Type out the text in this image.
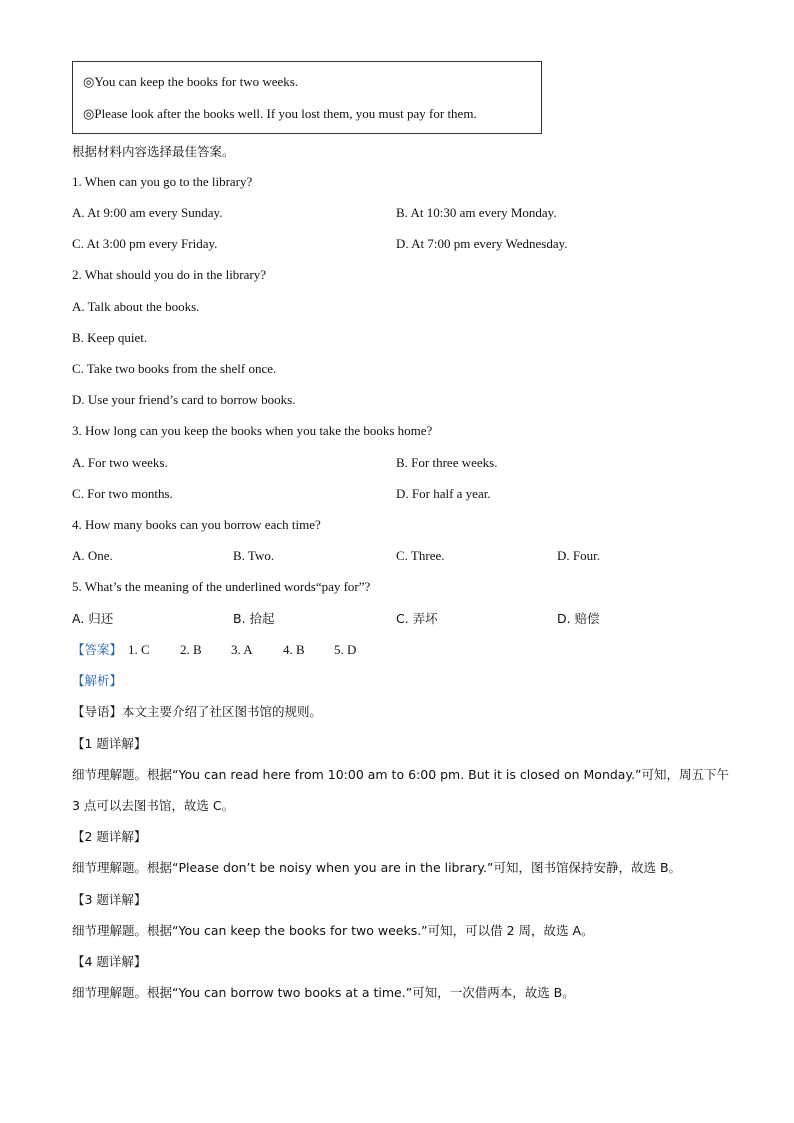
◎You can keep the books for two weeks.
◎Please look after the books well. If you lost them, you must pay for them.
根据材料内容选择最佳答案。
1. When can you go to the library?
A. At 9:00 am every Sunday.	B. At 10:30 am every Monday.
C. At 3:00 pm every Friday.	D. At 7:00 pm every Wednesday.
2. What should you do in the library?
A. Talk about the books.
B. Keep quiet.
C. Take two books from the shelf once.
D. Use your friend’s card to borrow books.
3. How long can you keep the books when you take the books home?
A. For two weeks.	B. For three weeks.
C. For two months.	D. For half a year.
4. How many books can you borrow each time?
A. One.	B. Two.	C. Three.	D. Four.
5. What’s the meaning of the underlined words“pay for”?
A. 归还	B. 拾起	C. 弄坏	D. 赔偿
【答案】 1. C 2. B 3. A 4. B 5. D
【解析】
【导语】本文主要介绍了社区图书馆的规则。
【1 题详解】
细节理解题。根据“You can read here from 10:00 am to 6:00 pm. But it is closed on Monday.”可知，周五下午
3 点可以去图书馆，故选 C。
【2 题详解】
细节理解题。根据“Please don’t be noisy when you are in the library.”可知，图书馆保持安静，故选 B。
【3 题详解】
细节理解题。根据“You can keep the books for two weeks.”可知，可以借 2 周，故选 A。
【4 题详解】
细节理解题。根据“You can borrow two books at a time.”可知，一次借两本，故选 B。
